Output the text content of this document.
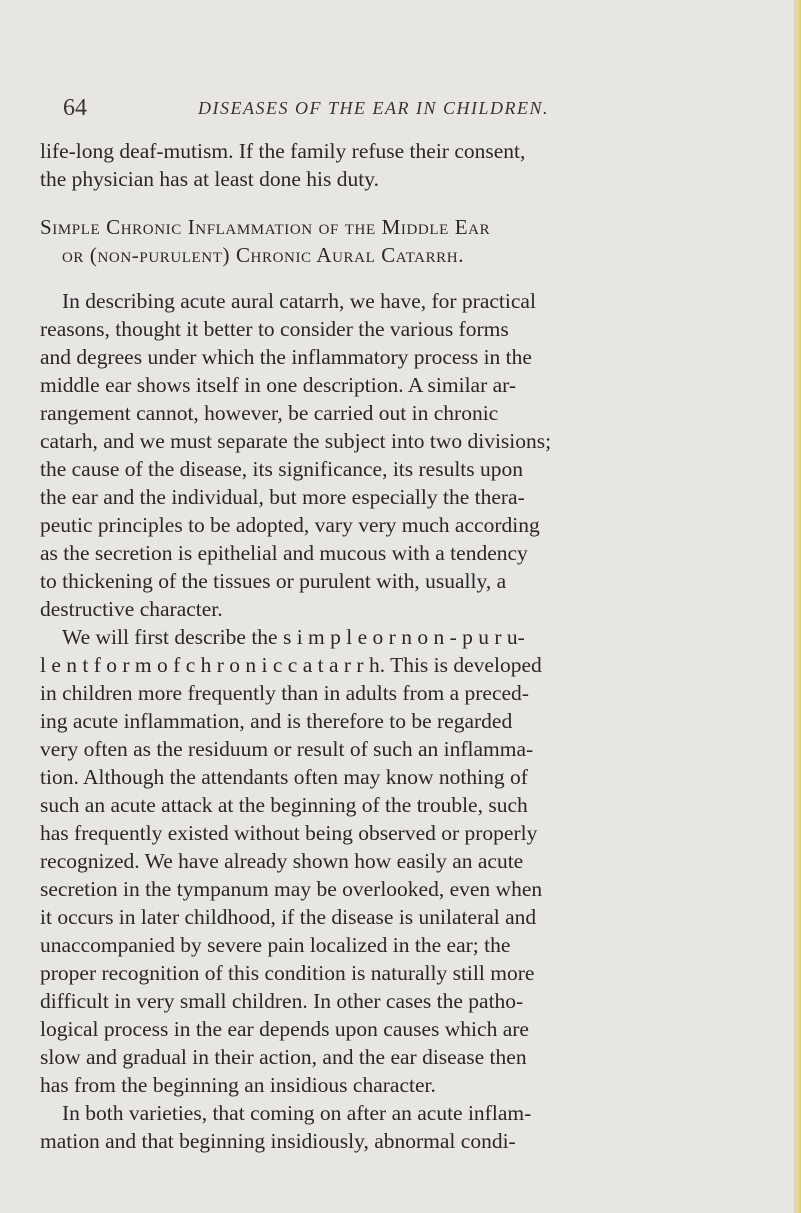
64	DISEASES OF THE EAR IN CHILDREN.
life-long deaf-mutism. If the family refuse their consent,
the physician has at least done his duty.
Simple Chronic Inflammation of the Middle Ear
or (non-purulent) Chronic Aural Catarrh.
In describing acute aural catarrh, we have, for practical
reasons, thought it better to consider the various forms
and degrees under which the inflammatory process in the
middle ear shows itself in one description. A similar ar-
rangement cannot, however, be carried out in chronic
catarh, and we must separate the subject into two divisions;
the cause of the disease, its significance, its results upon
the ear and the individual, but more especially the thera-
peutic principles to be adopted, vary very much according
as the secretion is epithelial and mucous with a tendency
to thickening of the tissues or purulent with, usually, a
destructive character.
We will first describe the s i m p l e o r n o n - p u r u-
l e n t f o r m o f c h r o n i c c a t a r r h. This is developed
in children more frequently than in adults from a preced-
ing acute inflammation, and is therefore to be regarded
very often as the residuum or result of such an inflamma-
tion. Although the attendants often may know nothing of
such an acute attack at the beginning of the trouble, such
has frequently existed without being observed or properly
recognized. We have already shown how easily an acute
secretion in the tympanum may be overlooked, even when
it occurs in later childhood, if the disease is unilateral and
unaccompanied by severe pain localized in the ear; the
proper recognition of this condition is naturally still more
difficult in very small children. In other cases the patho-
logical process in the ear depends upon causes which are
slow and gradual in their action, and the ear disease then
has from the beginning an insidious character.
In both varieties, that coming on after an acute inflam-
mation and that beginning insidiously, abnormal condi-
